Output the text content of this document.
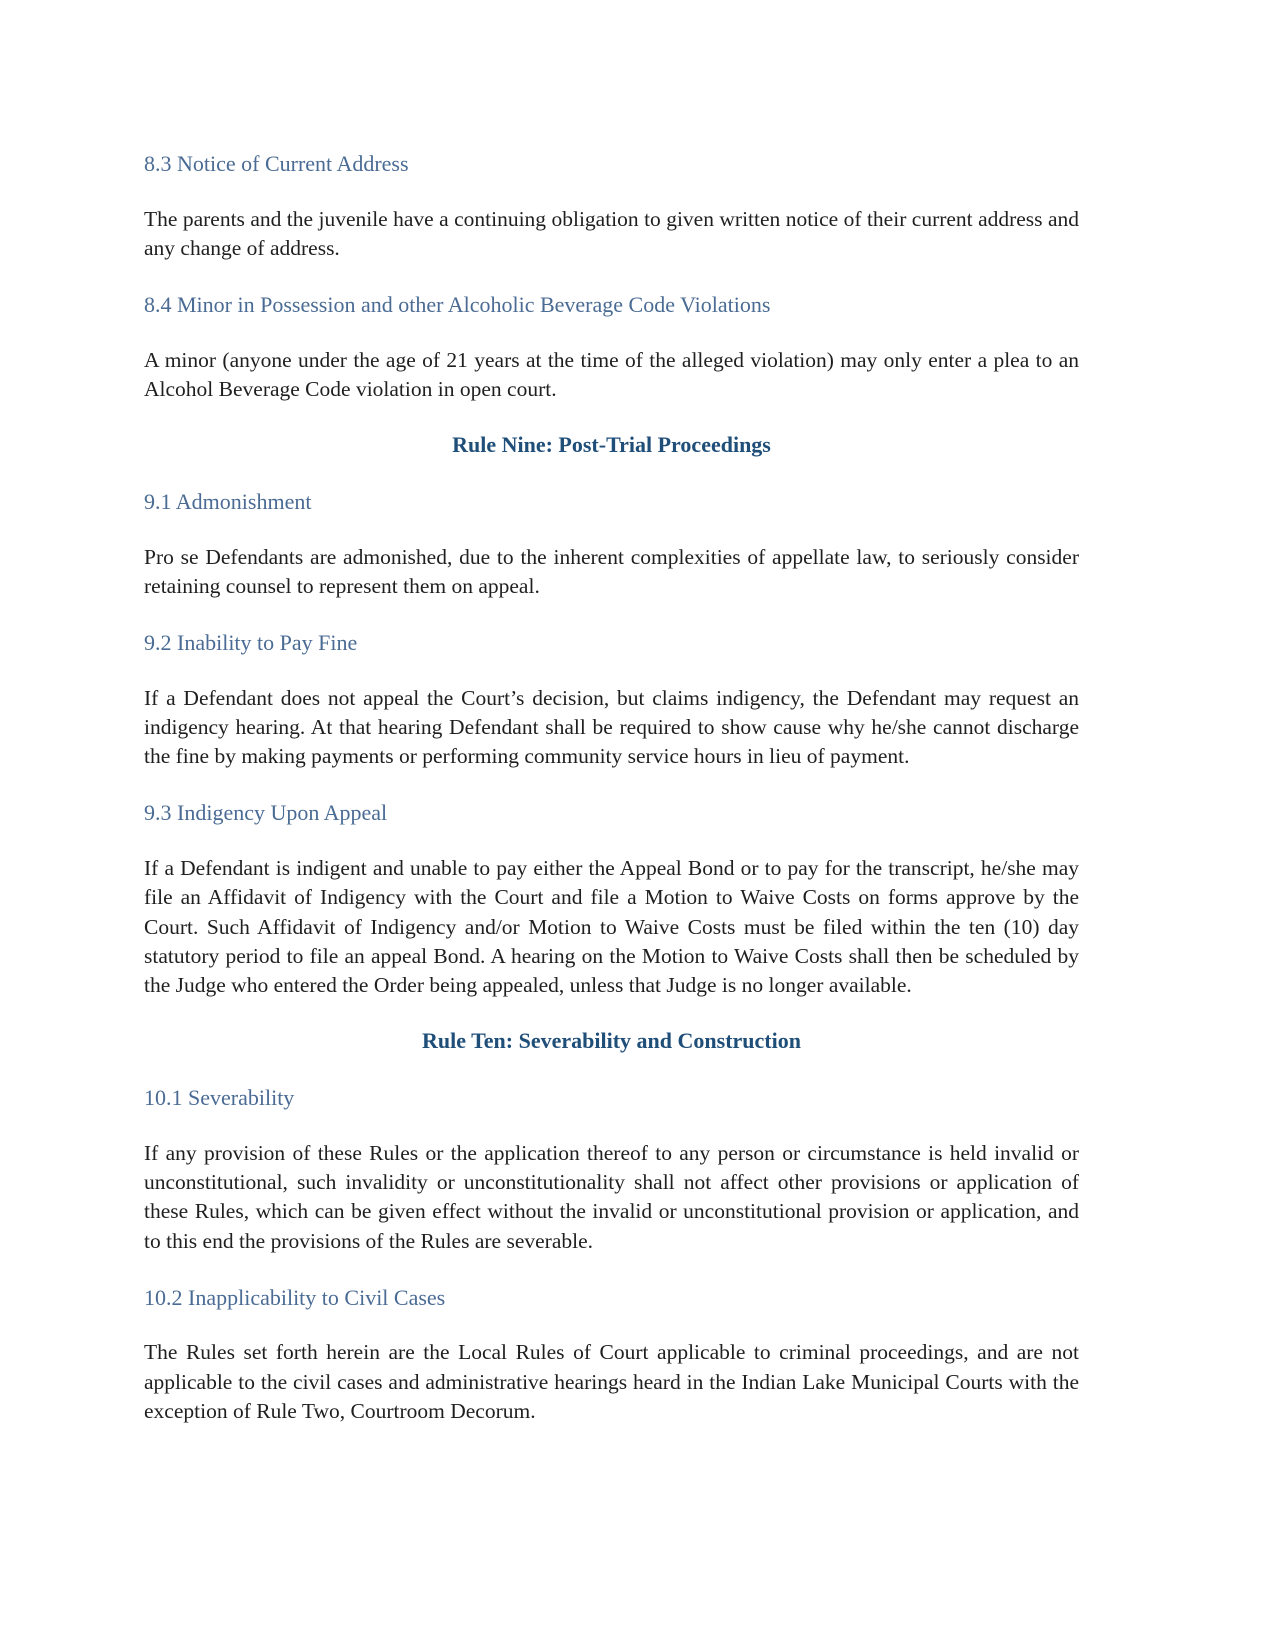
8.3 Notice of Current Address

The parents and the juvenile have a continuing obligation to given written notice of their current address and any change of address.

8.4 Minor in Possession and other Alcoholic Beverage Code Violations

A minor (anyone under the age of 21 years at the time of the alleged violation) may only enter a plea to an Alcohol Beverage Code violation in open court.

Rule Nine: Post-Trial Proceedings
9.1 Admonishment

Pro se Defendants are admonished, due to the inherent complexities of appellate law, to seriously consider retaining counsel to represent them on appeal.

9.2 Inability to Pay Fine

If a Defendant does not appeal the Court’s decision, but claims indigency, the Defendant may request an indigency hearing. At that hearing Defendant shall be required to show cause why he/she cannot discharge the fine by making payments or performing community service hours in lieu of payment.

9.3 Indigency Upon Appeal

If a Defendant is indigent and unable to pay either the Appeal Bond or to pay for the transcript, he/she may file an Affidavit of Indigency with the Court and file a Motion to Waive Costs on forms approve by the Court. Such Affidavit of Indigency and/or Motion to Waive Costs must be filed within the ten (10) day statutory period to file an appeal Bond. A hearing on the Motion to Waive Costs shall then be scheduled by the Judge who entered the Order being appealed, unless that Judge is no longer available.

Rule Ten: Severability and Construction
10.1 Severability

If any provision of these Rules or the application thereof to any person or circumstance is held invalid or unconstitutional, such invalidity or unconstitutionality shall not affect other provisions or application of these Rules, which can be given effect without the invalid or unconstitutional provision or application, and to this end the provisions of the Rules are severable.

10.2 Inapplicability to Civil Cases

The Rules set forth herein are the Local Rules of Court applicable to criminal proceedings, and are not applicable to the civil cases and administrative hearings heard in the Indian Lake Municipal Courts with the exception of Rule Two, Courtroom Decorum.
